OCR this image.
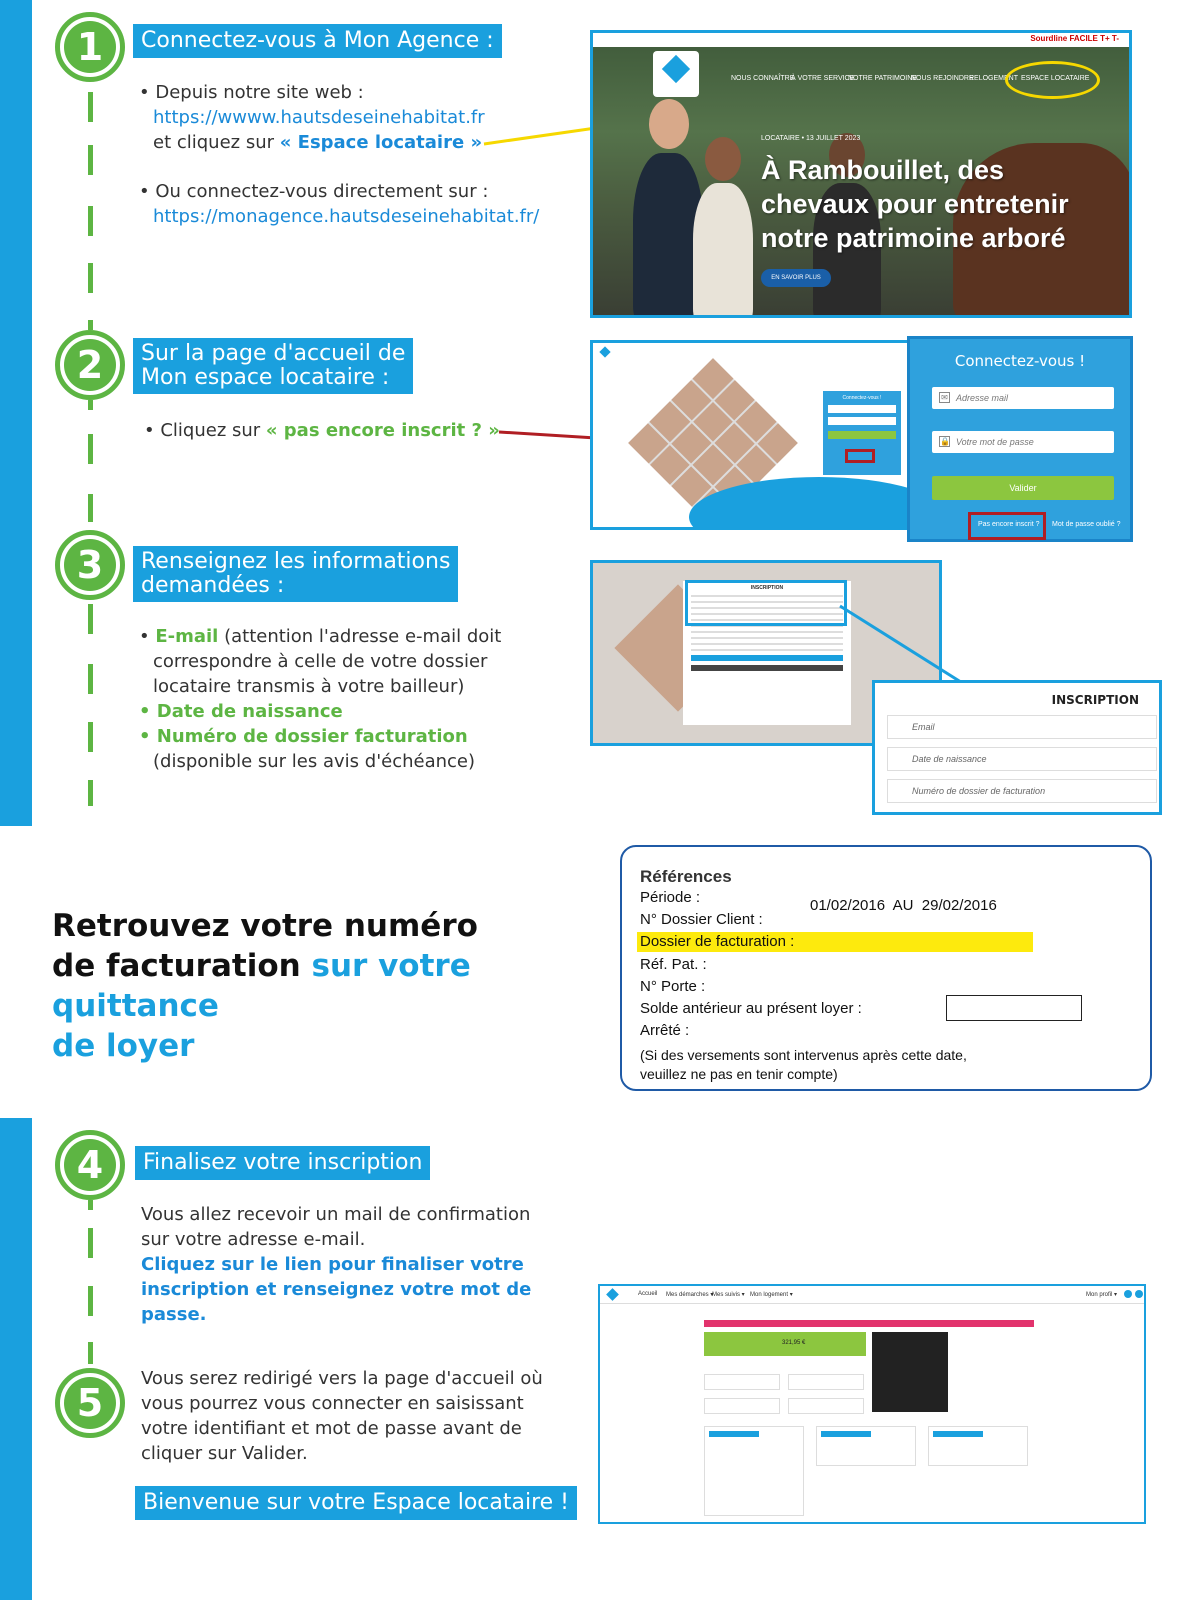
1	Connectez-vous à Mon Agence :
• Depuis notre site web :
https://wwww.hautsdeseinehabitat.fr
et cliquez sur « Espace locataire »
• Ou connectez-vous directement sur :
https://monagence.hautsdeseinehabitat.fr/
Sourdline FACILE T+ T-
NOUS CONNAÎTRE
À VOTRE SERVICE
NOTRE PATRIMOINE
NOUS REJOINDRE
RELOGEMENT ESPACE LOCATAIRE
LOCATAIRE • 13 JUILLET 2023
À Rambouillet, des chevaux pour entretenir notre patrimoine arboré
EN SAVOIR PLUS
2	Sur la page d'accueil de
Mon espace locataire :
• Cliquez sur « pas encore inscrit ? »
Connectez-vous !
Connectez-vous !
✉ Adresse mail
🔒 Votre mot de passe
Valider
Pas encore inscrit ? Mot de passe oublié ?
3	Renseignez les informations
demandées :
• E-mail (attention l'adresse e-mail doit
correspondre à celle de votre dossier
locataire transmis à votre bailleur)
• Date de naissance
• Numéro de dossier facturation
(disponible sur les avis d'échéance)
INSCRIPTION
INSCRIPTION
Email
Date de naissance
Numéro de dossier de facturation
Retrouvez votre numéro
de facturation sur votre quittance
de loyer
Références
Période :	01/02/2016  AU  29/02/2016
N° Dossier Client :
Dossier de facturation :
Réf. Pat. :
N° Porte :
Solde antérieur au présent loyer :
Arrêté :
(Si des versements sont intervenus après cette date,
veuillez ne pas en tenir compte)
4	Finalisez votre inscription
Vous allez recevoir un mail de confirmation
sur votre adresse e-mail.
Cliquez sur le lien pour finaliser votre
inscription et renseignez votre mot de passe.
5
Vous serez redirigé vers la page d'accueil où
vous pourrez vous connecter en saisissant
votre identifiant et mot de passe avant de
cliquer sur Valider.
Bienvenue sur votre Espace locataire !
Accueil Mes démarches ▾
Mes suivis ▾ Mon logement ▾	Mon profil ▾
321,95 €
